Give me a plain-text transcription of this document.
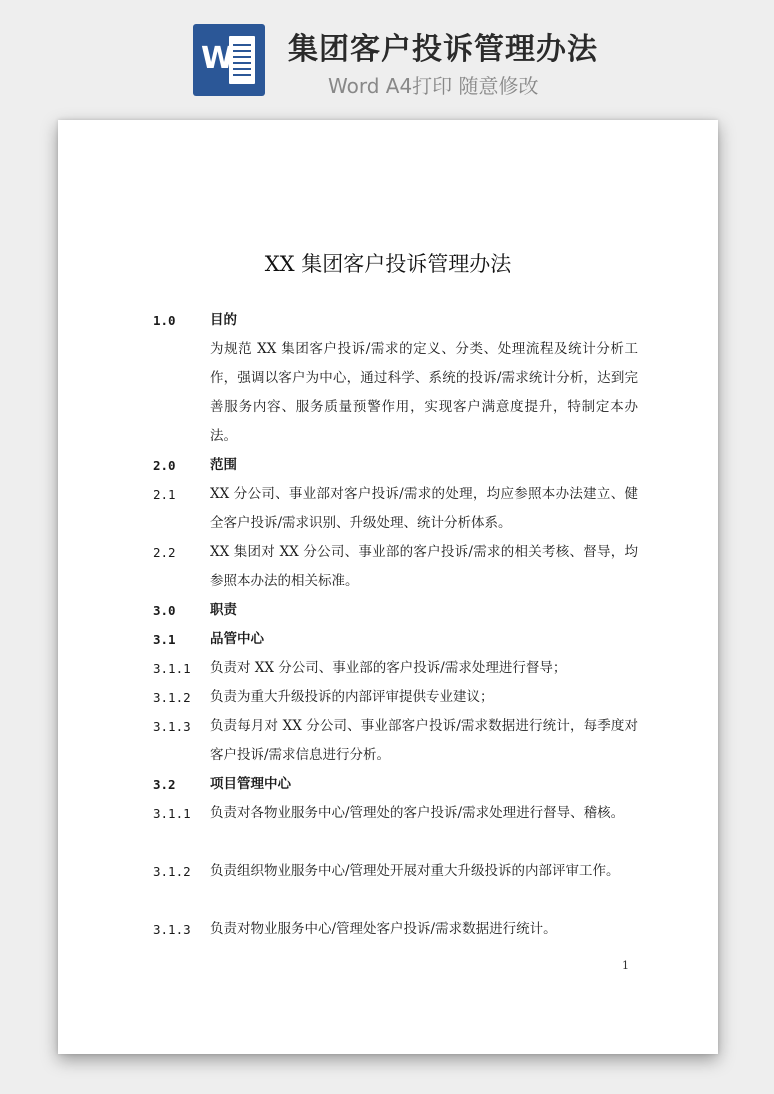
W 集团客户投诉管理办法
Word A4打印 随意修改
XX 集团客户投诉管理办法
1.0	目的
为规范 XX 集团客户投诉/需求的定义、分类、处理流程及统计分析工作，强调以客户为中心，通过科学、系统的投诉/需求统计分析，达到完善服务内容、服务质量预警作用，实现客户满意度提升，特制定本办法。
2.0	范围
2.1	XX 分公司、事业部对客户投诉/需求的处理，均应参照本办法建立、健全客户投诉/需求识别、升级处理、统计分析体系。
2.2	XX 集团对 XX 分公司、事业部的客户投诉/需求的相关考核、督导，均参照本办法的相关标准。
3.0	职责
3.1	品管中心
3.1.1 负责对 XX 分公司、事业部的客户投诉/需求处理进行督导；
3.1.2 负责为重大升级投诉的内部评审提供专业建议；
3.1.3 负责每月对 XX 分公司、事业部客户投诉/需求数据进行统计，每季度对客户投诉/需求信息进行分析。
3.2	项目管理中心
3.1.1 负责对各物业服务中心/管理处的客户投诉/需求处理进行督导、稽核。
3.1.2 负责组织物业服务中心/管理处开展对重大升级投诉的内部评审工作。
3.1.3 负责对物业服务中心/管理处客户投诉/需求数据进行统计。
1
